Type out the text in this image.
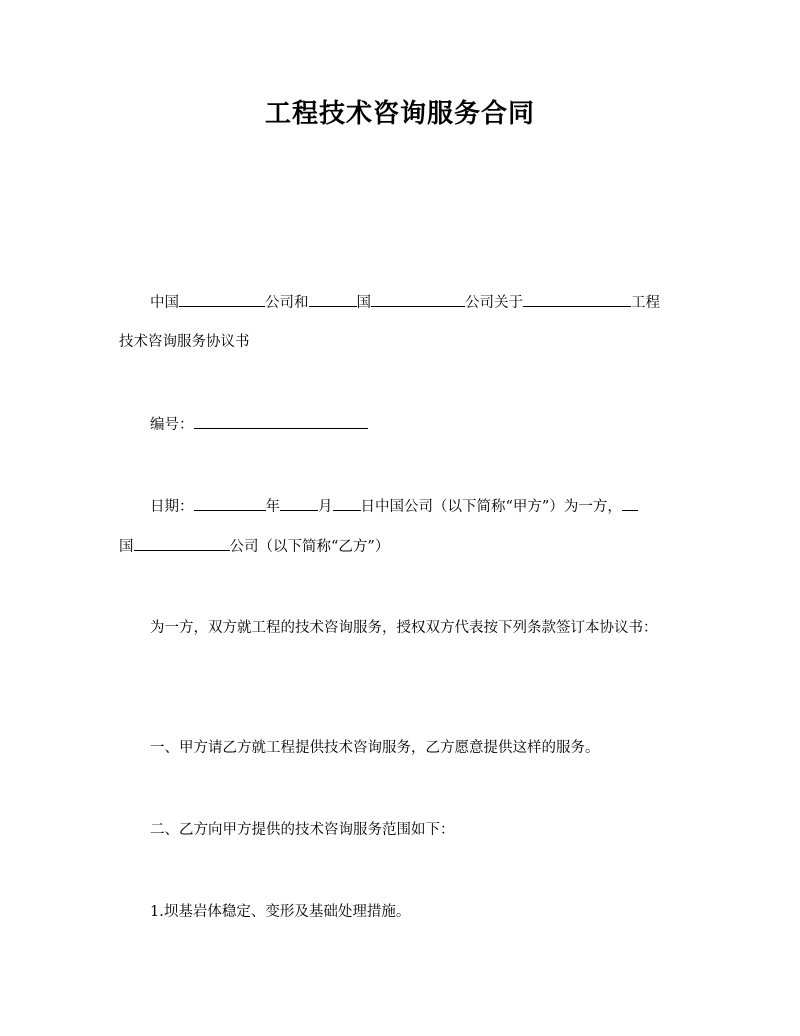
工程技术咨询服务合同
中国	公司和	国	公司关于	工程
技术咨询服务协议书
编号：
日期：	年	月 日中国公司（以下简称“甲方”）为一方，
国	公司（以下简称“乙方”）
为一方，双方就工程的技术咨询服务，授权双方代表按下列条款签订本协议书：
一、甲方请乙方就工程提供技术咨询服务，乙方愿意提供这样的服务。
二、乙方向甲方提供的技术咨询服务范围如下：
1.坝基岩体稳定、变形及基础处理措施。
